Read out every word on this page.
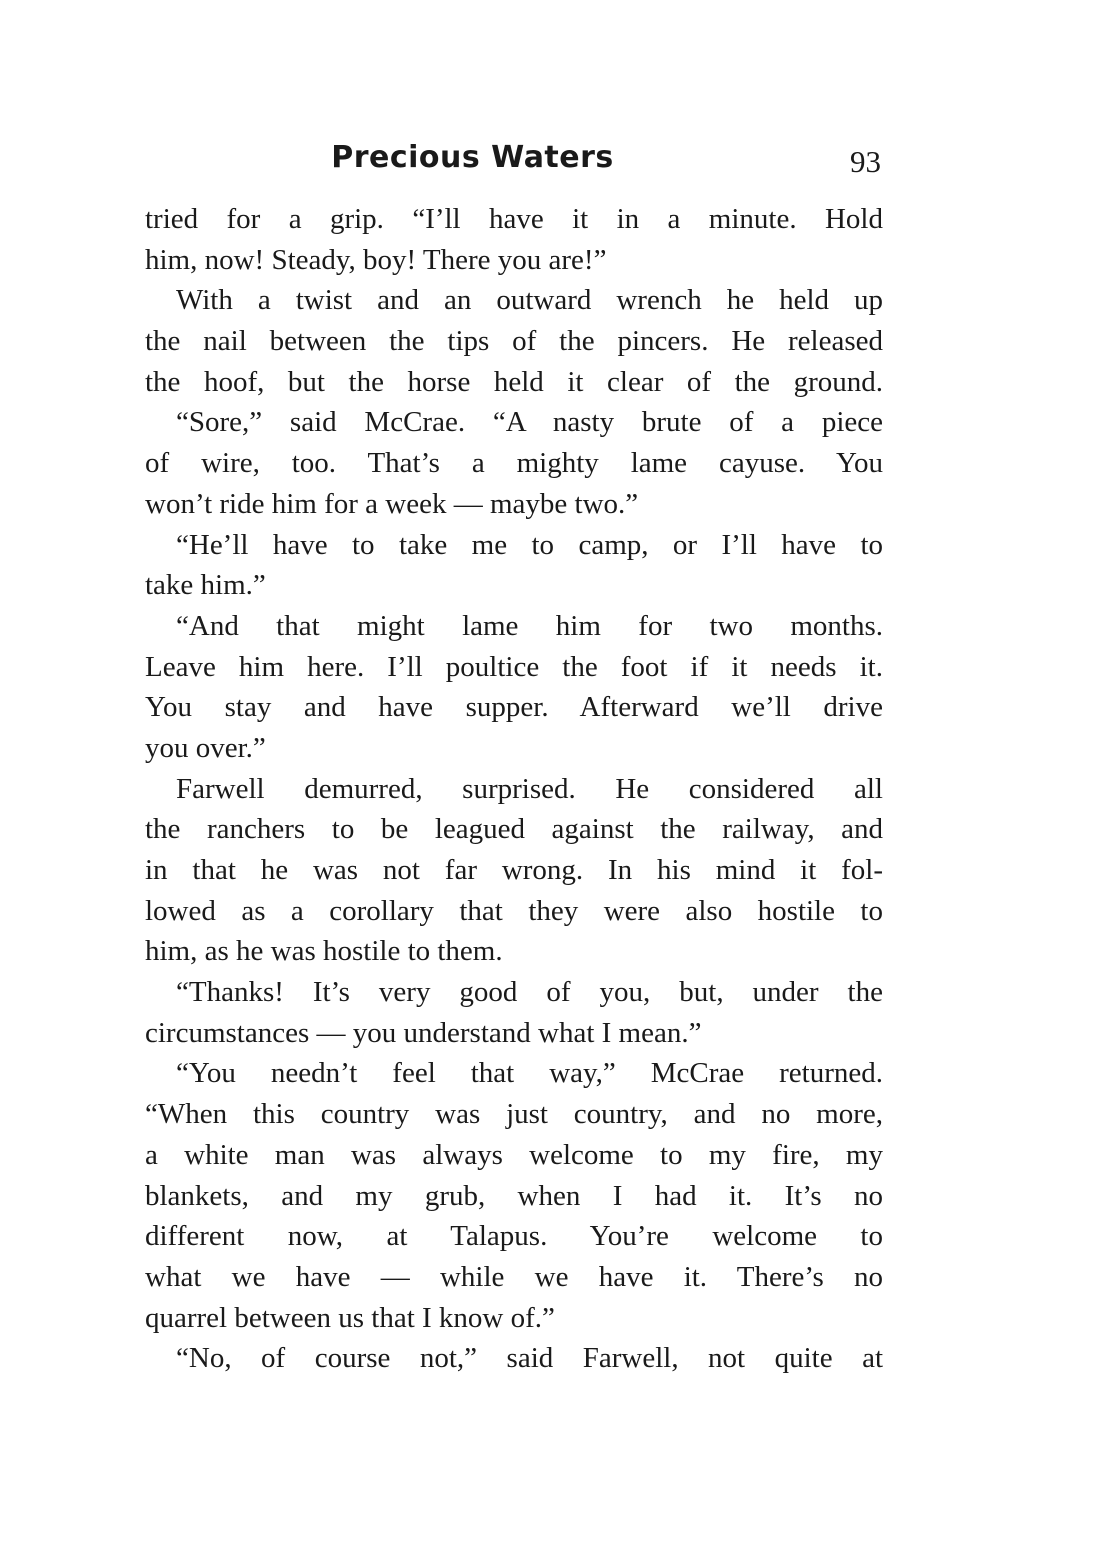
Precious Waters	93
tried for a grip. “I’ll have it in a minute. Hold
him, now! Steady, boy! There you are!”
With a twist and an outward wrench he held up
the nail between the tips of the pincers. He released
the hoof, but the horse held it clear of the ground.
“Sore,” said McCrae. “A nasty brute of a piece
of wire, too. That’s a mighty lame cayuse. You
won’t ride him for a week — maybe two.”
“He’ll have to take me to camp, or I’ll have to
take him.”
“And that might lame him for two months.
Leave him here. I’ll poultice the foot if it needs it.
You stay and have supper. Afterward we’ll drive
you over.”
Farwell demurred, surprised. He considered all
the ranchers to be leagued against the railway, and
in that he was not far wrong. In his mind it fol-
lowed as a corollary that they were also hostile to
him, as he was hostile to them.
“Thanks! It’s very good of you, but, under the
circumstances — you understand what I mean.”
“You needn’t feel that way,” McCrae returned.
“When this country was just country, and no more,
a white man was always welcome to my fire, my
blankets, and my grub, when I had it. It’s no
different now, at Talapus. You’re welcome to
what we have — while we have it. There’s no
quarrel between us that I know of.”
“No, of course not,” said Farwell, not quite at
